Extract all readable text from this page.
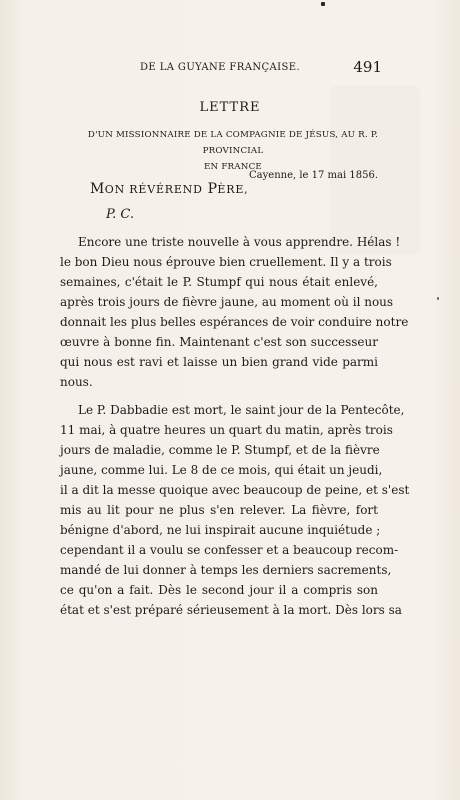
DE LA GUYANE FRANÇAISE.	491
LETTRE
D'UN MISSIONNAIRE DE LA COMPAGNIE DE JÉSUS, AU R. P. PROVINCIAL
EN FRANCE
Cayenne, le 17 mai 1856.
MON RÉVÉREND PÈRE,
P. C.
Encore une triste nouvelle à vous apprendre. Hélas !
le bon Dieu nous éprouve bien cruellement. Il y a trois
semaines, c'était le P. Stumpf qui nous était enlevé,
après trois jours de fièvre jaune, au moment où il nous
donnait les plus belles espérances de voir conduire notre
œuvre à bonne fin. Maintenant c'est son successeur
qui nous est ravi et laisse un bien grand vide parmi
nous.
Le P. Dabbadie est mort, le saint jour de la Pentecôte,
11 mai, à quatre heures un quart du matin, après trois
jours de maladie, comme le P. Stumpf, et de la fièvre
jaune, comme lui. Le 8 de ce mois, qui était un jeudi,
il a dit la messe quoique avec beaucoup de peine, et s'est
mis au lit pour ne plus s'en relever. La fièvre, fort
bénigne d'abord, ne lui inspirait aucune inquiétude ;
cependant il a voulu se confesser et a beaucoup recom-
mandé de lui donner à temps les derniers sacrements,
ce qu'on a fait. Dès le second jour il a compris son
état et s'est préparé sérieusement à la mort. Dès lors sa
